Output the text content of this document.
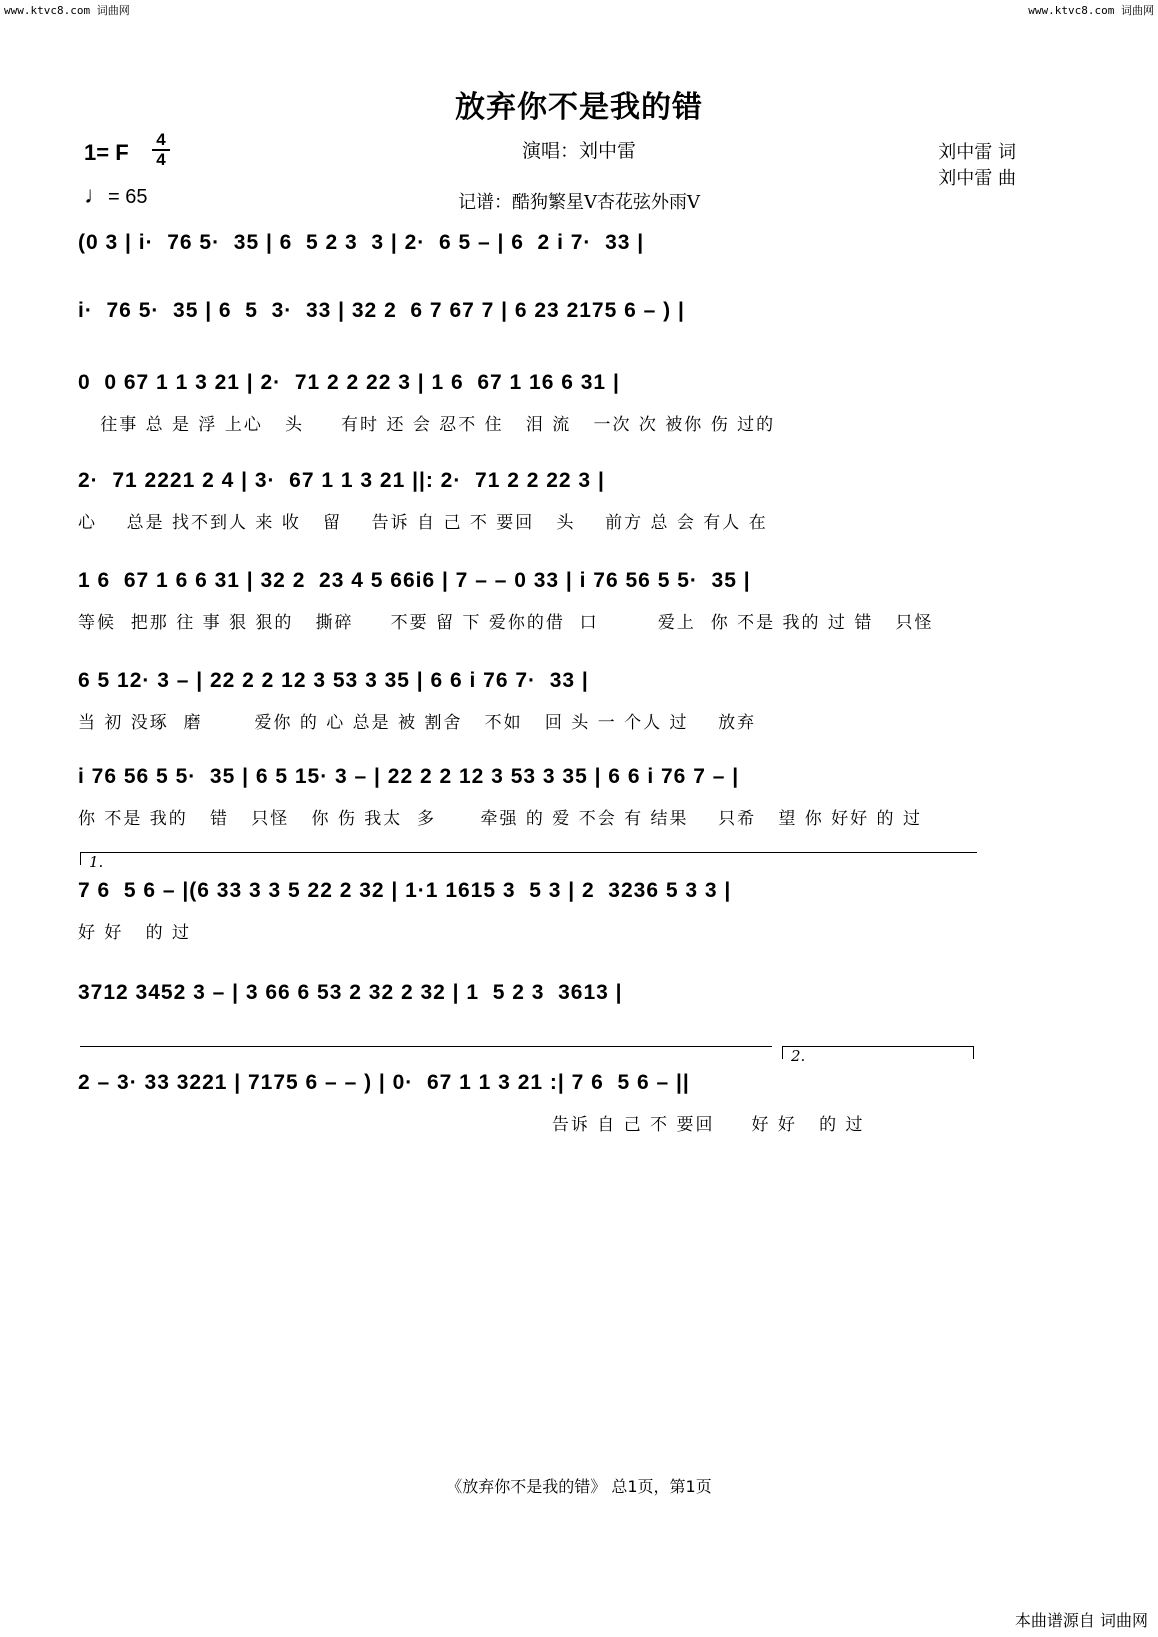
www.ktvc8.com 词曲网	www.ktvc8.com 词曲网
放弃你不是我的错
演唱：刘中雷
记谱：酷狗繁星V杏花弦外雨V
刘中雷 词
刘中雷 曲
1= F
4
4
♩= 65
(0 3 | i·  76 5·  35 | 6  5 2 3  3 | 2·  6 5 – | 6  2 i 7·  33 |
i·  76 5·  35 | 6  5  3·  33 | 32 2  6 7 67 7 | 6 23 2175 6 – ) |
0  0 67 1 1 3 21 | 2·  71 2 2 22 3 | 1 6  67 1 16 6 31 |
往事 总 是 浮 上心   头     有时 还 会 忍不 住   泪 流   一次 次 被你 伤 过的
2·  71 2221 2 4 | 3·  67 1 1 3 21 ||: 2·  71 2 2 22 3 |
心    总是 找不到人 来 收   留    告诉 自 己 不 要回   头    前方 总 会 有人 在
1 6  67 1 6 6 31 | 32 2  23 4 5 66i6 | 7 – – 0 33 | i 76 56 5 5·  35 |
等候  把那 往 事 狠 狠的   撕碎     不要 留 下 爱你的借  口        爱上  你 不是 我的 过 错   只怪
6 5 12· 3 – | 22 2 2 12 3 53 3 35 | 6 6 i 76 7·  33 |
当 初 没琢  磨       爱你 的 心 总是 被 割舍   不如   回 头 一 个人 过    放弃
i 76 56 5 5·  35 | 6 5 15· 3 – | 22 2 2 12 3 53 3 35 | 6 6 i 76 7 – |
你 不是 我的   错   只怪   你 伤 我太  多      牵强 的 爱 不会 有 结果    只希   望 你 好好 的 过
1.
7 6  5 6 – |(6 33 3 3 5 22 2 32 | 1·1 1615 3  5 3 | 2  3236 5 3 3 |
好 好   的 过
3712 3452 3 – | 3 66 6 53 2 32 2 32 | 1  5 2 3  3613 |
2.
2 – 3· 33 3221 | 7175 6 – – ) | 0·  67 1 1 3 21 :| 7 6  5 6 – ||
告诉 自 己 不 要回     好 好   的 过
《放弃你不是我的错》 总1页，第1页
本曲谱源自 词曲网
